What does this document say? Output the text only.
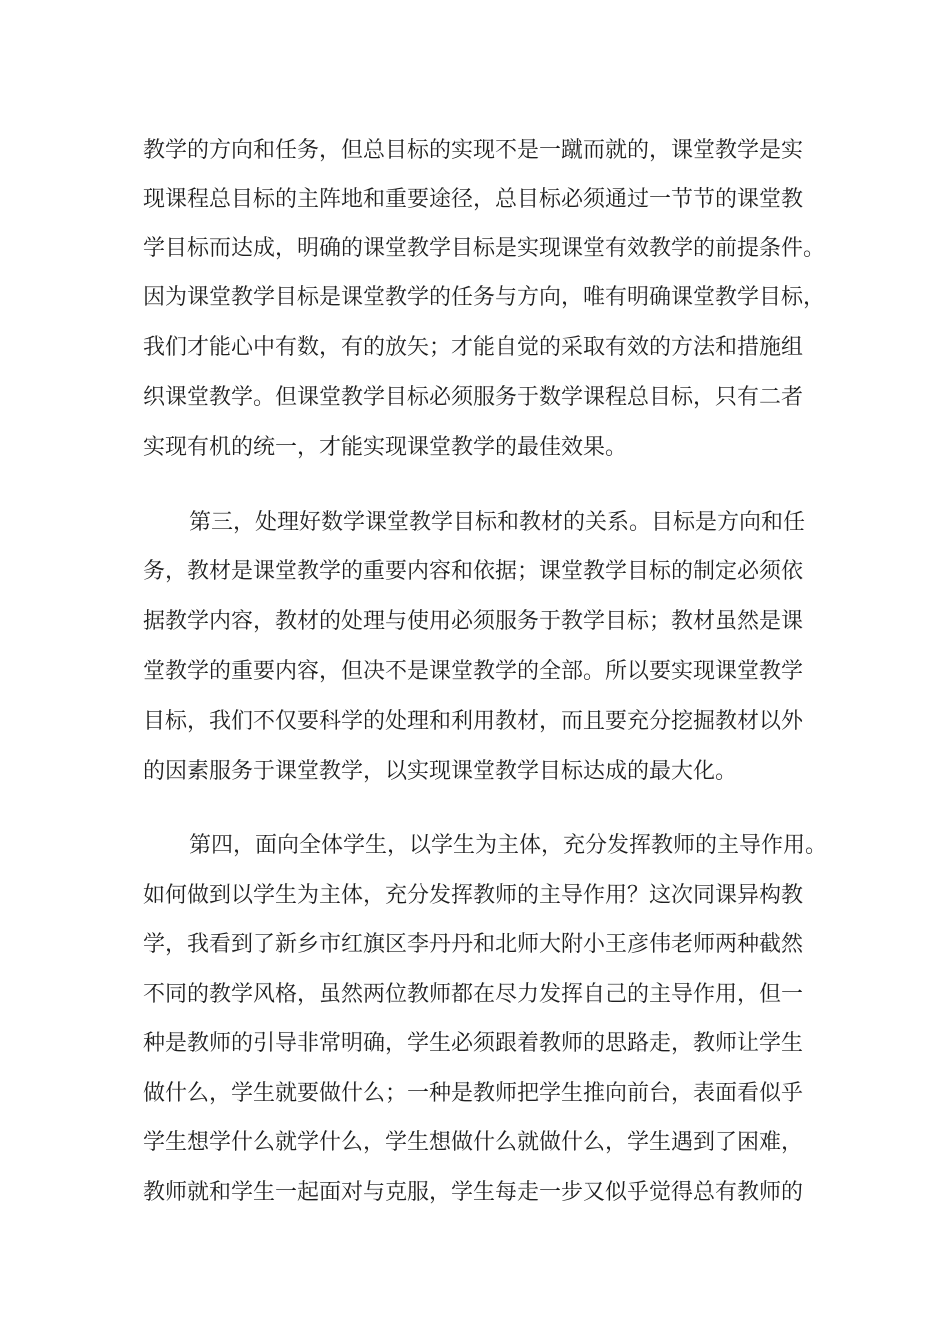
教学的方向和任务，但总目标的实现不是一蹴而就的，课堂教学是实
现课程总目标的主阵地和重要途径，总目标必须通过一节节的课堂教
学目标而达成，明确的课堂教学目标是实现课堂有效教学的前提条件。
因为课堂教学目标是课堂教学的任务与方向，唯有明确课堂教学目标，
我们才能心中有数，有的放矢；才能自觉的采取有效的方法和措施组
织课堂教学。但课堂教学目标必须服务于数学课程总目标，只有二者
实现有机的统一，才能实现课堂教学的最佳效果。
第三，处理好数学课堂教学目标和教材的关系。目标是方向和任
务，教材是课堂教学的重要内容和依据；课堂教学目标的制定必须依
据教学内容，教材的处理与使用必须服务于教学目标；教材虽然是课
堂教学的重要内容，但决不是课堂教学的全部。所以要实现课堂教学
目标，我们不仅要科学的处理和利用教材，而且要充分挖掘教材以外
的因素服务于课堂教学，以实现课堂教学目标达成的最大化。
第四，面向全体学生，以学生为主体，充分发挥教师的主导作用。
如何做到以学生为主体，充分发挥教师的主导作用？这次同课异构教
学，我看到了新乡市红旗区李丹丹和北师大附小王彦伟老师两种截然
不同的教学风格，虽然两位教师都在尽力发挥自己的主导作用，但一
种是教师的引导非常明确，学生必须跟着教师的思路走，教师让学生
做什么，学生就要做什么；一种是教师把学生推向前台，表面看似乎
学生想学什么就学什么，学生想做什么就做什么，学生遇到了困难，
教师就和学生一起面对与克服，学生每走一步又似乎觉得总有教师的
